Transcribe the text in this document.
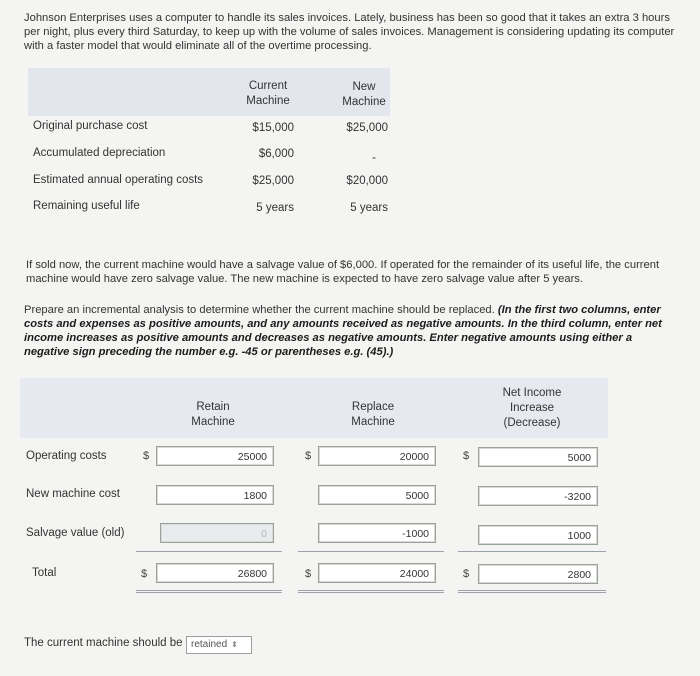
Johnson Enterprises uses a computer to handle its sales invoices. Lately, business has been so good that it takes an extra 3 hours per night, plus every third Saturday, to keep up with the volume of sales invoices. Management is considering updating its computer with a faster model that would eliminate all of the overtime processing.
Current Machine
New Machine
Original purchase cost	$15,000	$25,000
Accumulated depreciation	$6,000	-
Estimated annual operating costs	$25,000	$20,000
Remaining useful life	5 years	5 years
If sold now, the current machine would have a salvage value of $6,000. If operated for the remainder of its useful life, the current machine would have zero salvage value. The new machine is expected to have zero salvage value after 5 years.
Prepare an incremental analysis to determine whether the current machine should be replaced. (In the first two columns, enter costs and expenses as positive amounts, and any amounts received as negative amounts. In the third column, enter net income increases as positive amounts and decreases as negative amounts. Enter negative amounts using either a negative sign preceding the number e.g. -45 or parentheses e.g. (45).)
Retain Machine
Replace Machine
Net Income Increase (Decrease)
Operating costs	$	25000	$	20000	$	5000
New machine cost	1800	5000	-3200
Salvage value (old)	0	-1000	1000
Total	$	26800	$	24000	$	2800
The current machine should be retained ⬍
